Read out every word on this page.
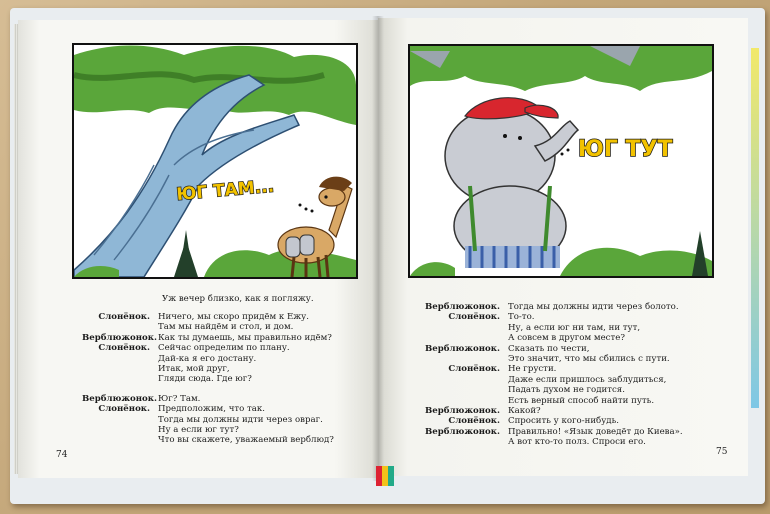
ЮГ ТАМ...
ЮГ ТУТ
Уж вечер близко, как я погляжу.
Слонёнок. Ничего, мы скоро придём к Ежу.
Там мы найдём и стол, и дом.
Верблюжонок. Как ты думаешь, мы правильно идём?
Слонёнок. Сейчас определим по плану.
Дай-ка я его достану.
Итак, мой друг,
Гляди сюда. Где юг?
Верблюжонок. Юг? Там.
Слонёнок. Предположим, что так.
Тогда мы должны идти через овраг.
Ну а если юг тут?
Что вы скажете, уважаемый верблюд?
74
Верблюжонок. Тогда мы должны идти через болото.
Слонёнок. То-то.
Ну, а если юг ни там, ни тут,
А совсем в другом месте?
Верблюжонок. Сказать по чести,
Это значит, что мы сбились с пути.
Слонёнок. Не грусти.
Даже если пришлось заблудиться,
Падать духом не годится.
Есть верный способ найти путь.
Верблюжонок. Какой?
Слонёнок. Спросить у кого-нибудь.
Верблюжонок. Правильно! «Язык доведёт до Киева».
А вот кто-то полз. Спроси его.
75
